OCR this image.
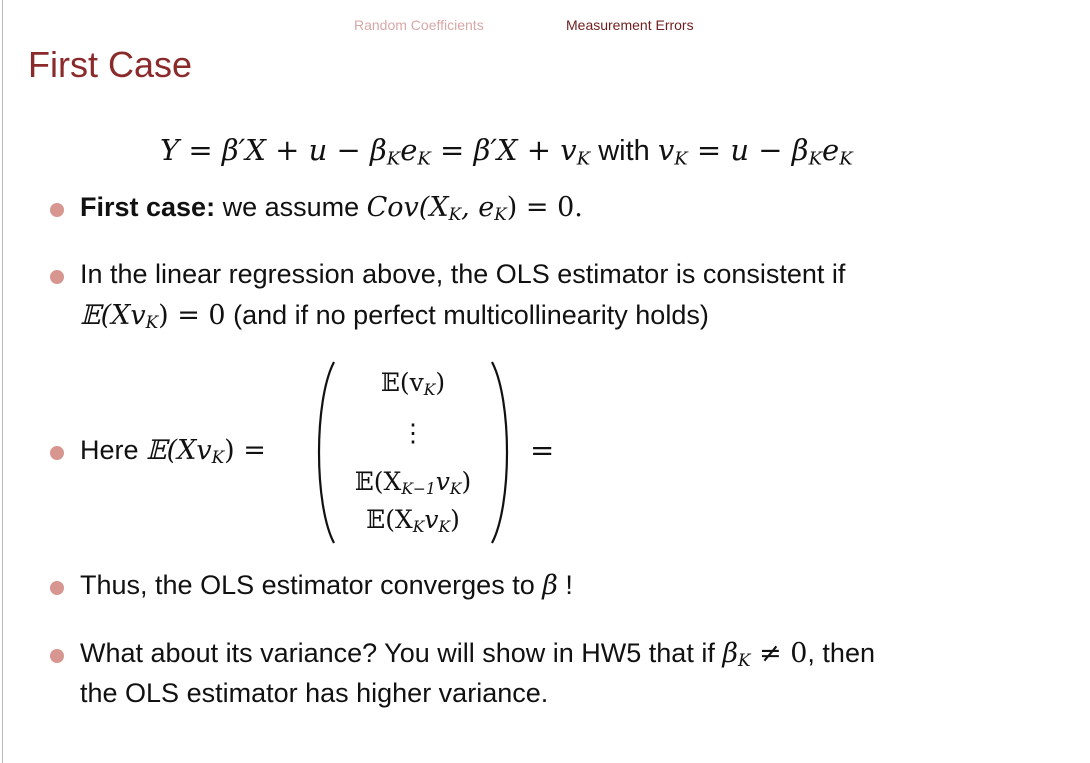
Random Coefficients	Measurement Errors
First Case
$Y = \beta'X + u - \beta_Ke_K = \beta'X + v_K$ with $v_K = u - \beta_Ke_K$
First case: we assume $Cov(X_K$, $e_K) = 0$.
In the linear regression above, the OLS estimator is consistent if
$𝔼(Xv_K) = 0$ (and if no perfect multicollinearity holds)
Here $𝔼(Xv_K)$ =
$𝔼(v_K)$
⋮
$𝔼(X_{K-1}v_K)$
$𝔼(X_Kv_K)$
=
Thus, the OLS estimator converges to β !
What about its variance? You will show in HW5 that if $\beta_K \ne 0$, then
the OLS estimator has higher variance.
